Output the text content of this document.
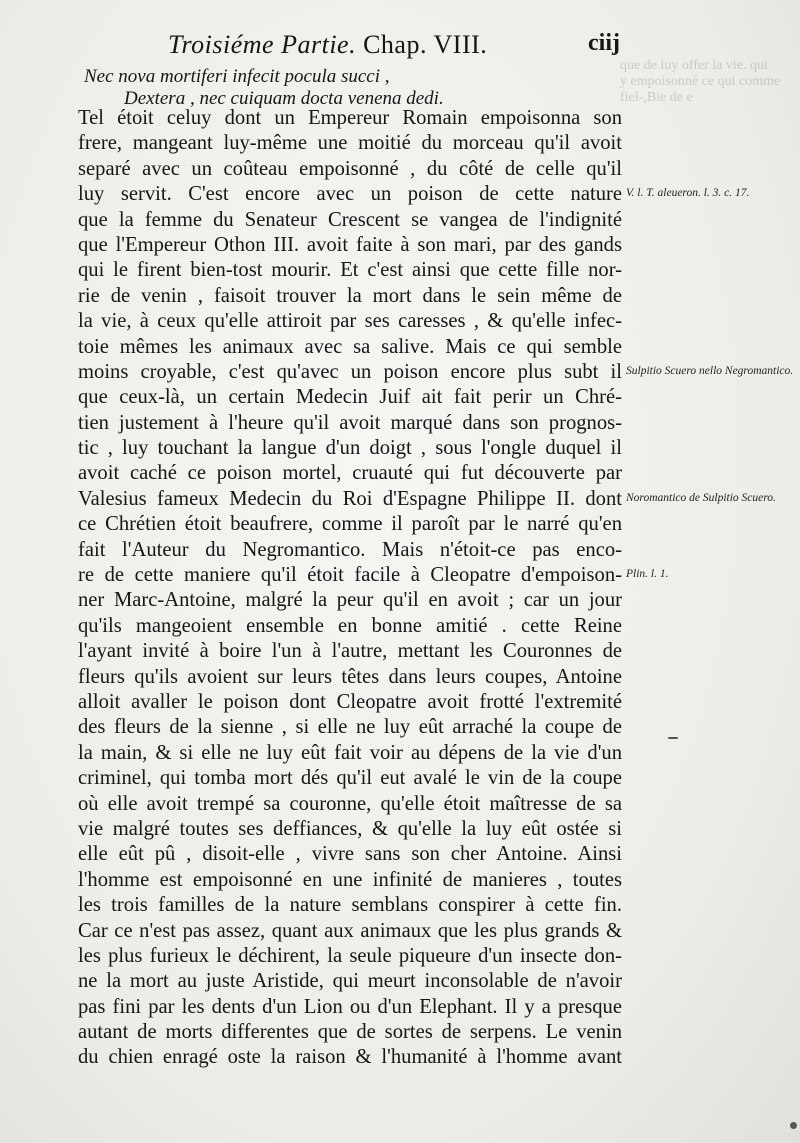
que de luy offer la vie. qui
y empoisonné ce qui comme
fiel-,Bie de e
Troisiéme Partie. Chap. VIII.	ciij
Nec nova mortiferi infecit pocula succi ,
Dextera , nec cuiquam docta venena dedi.
Tel étoit celuy dont un Empereur Romain empoisonna son
frere, mangeant luy-même une moitié du morceau qu'il avoit
separé avec un coûteau empoisonné , du côté de celle qu'il
luy servit. C'est encore avec un poison de cette nature
que la femme du Senateur Crescent se vangea de l'indignité
que l'Empereur Othon III. avoit faite à son mari, par des gands
qui le firent bien-tost mourir. Et c'est ainsi que cette fille nor-
rie de venin , faisoit trouver la mort dans le sein même de
la vie, à ceux qu'elle attiroit par ses caresses , & qu'elle infec-
toie mêmes les animaux avec sa salive. Mais ce qui semble
moins croyable, c'est qu'avec un poison encore plus subt il
que ceux-là, un certain Medecin Juif ait fait perir un Chré-
tien justement à l'heure qu'il avoit marqué dans son prognos-
tic , luy touchant la langue d'un doigt , sous l'ongle duquel il
avoit caché ce poison mortel, cruauté qui fut découverte par
Valesius fameux Medecin du Roi d'Espagne Philippe II. dont
ce Chrétien étoit beaufrere, comme il paroît par le narré qu'en
fait l'Auteur du Negromantico. Mais n'étoit-ce pas enco-
re de cette maniere qu'il étoit facile à Cleopatre d'empoison-
ner Marc-Antoine, malgré la peur qu'il en avoit ; car un jour
qu'ils mangeoient ensemble en bonne amitié . cette Reine
l'ayant invité à boire l'un à l'autre, mettant les Couronnes de
fleurs qu'ils avoient sur leurs têtes dans leurs coupes, Antoine
alloit avaller le poison dont Cleopatre avoit frotté l'extremité
des fleurs de la sienne , si elle ne luy eût arraché la coupe de
la main, & si elle ne luy eût fait voir au dépens de la vie d'un
criminel, qui tomba mort dés qu'il eut avalé le vin de la coupe
où elle avoit trempé sa couronne, qu'elle étoit maîtresse de sa
vie malgré toutes ses deffiances, & qu'elle la luy eût ostée si
elle eût pû , disoit-elle , vivre sans son cher Antoine. Ainsi
l'homme est empoisonné en une infinité de manieres , toutes
les trois familles de la nature semblans conspirer à cette fin.
Car ce n'est pas assez, quant aux animaux que les plus grands &
les plus furieux le déchirent, la seule piqueure d'un insecte don-
ne la mort au juste Aristide, qui meurt inconsolable de n'avoir
pas fini par les dents d'un Lion ou d'un Elephant. Il y a presque
autant de morts differentes que de sortes de serpens. Le venin
du chien enragé oste la raison & l'humanité à l'homme avant
V. l. T. aleueron. l. 3. c. 17.
Sulpitio Scuero nello Negromantico.
Noromantico de Sulpitio Scuero.
Plin. l. 1.
